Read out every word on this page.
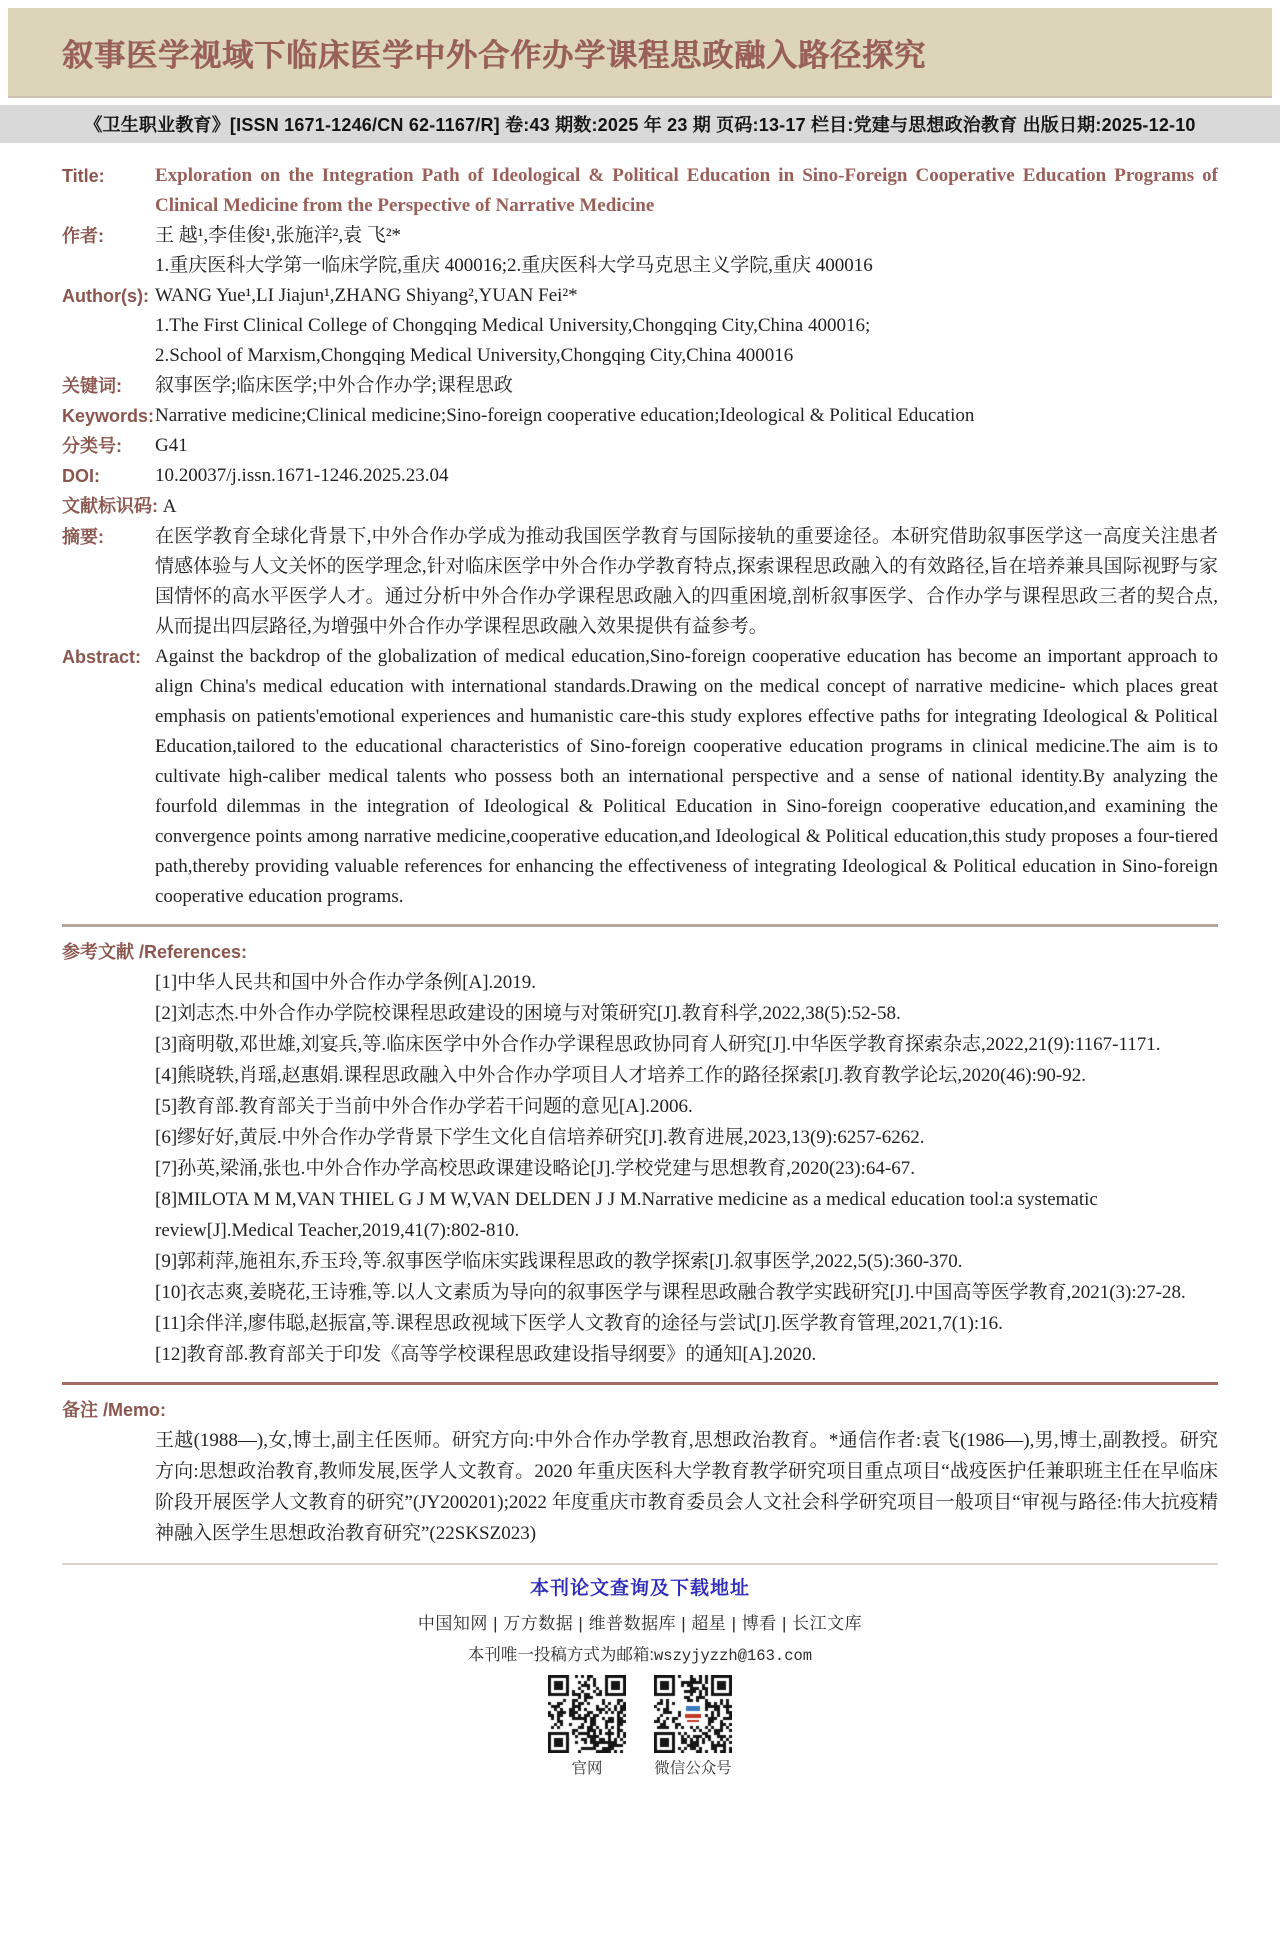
叙事医学视域下临床医学中外合作办学课程思政融入路径探究
《卫生职业教育》[ISSN 1671-1246/CN 62-1167/R] 卷:43 期数:2025 年 23 期 页码:13-17 栏目:党建与思想政治教育 出版日期:2025-12-10
Title:	Exploration on the Integration Path of Ideological & Political Education in Sino-Foreign Cooperative Education Programs of Clinical Medicine from the Perspective of Narrative Medicine
作者:	王 越¹,李佳俊¹,张施洋²,袁 飞²*
1.重庆医科大学第一临床学院,重庆 400016;2.重庆医科大学马克思主义学院,重庆 400016
Author(s): WANG Yue¹,LI Jiajun¹,ZHANG Shiyang²,YUAN Fei²*
1.The First Clinical College of Chongqing Medical University,Chongqing City,China 400016;
2.School of Marxism,Chongqing Medical University,Chongqing City,China 400016
关键词: 叙事医学;临床医学;中外合作办学;课程思政
Keywords: Narrative medicine;Clinical medicine;Sino-foreign cooperative education;Ideological & Political Education
分类号: G41
DOI:	10.20037/j.issn.1671-1246.2025.23.04
文献标识码: A
摘要:	在医学教育全球化背景下,中外合作办学成为推动我国医学教育与国际接轨的重要途径。本研究借助叙事医学这一高度关注患者情感体验与人文关怀的医学理念,针对临床医学中外合作办学教育特点,探索课程思政融入的有效路径,旨在培养兼具国际视野与家国情怀的高水平医学人才。通过分析中外合作办学课程思政融入的四重困境,剖析叙事医学、合作办学与课程思政三者的契合点,从而提出四层路径,为增强中外合作办学课程思政融入效果提供有益参考。
Abstract: Against the backdrop of the globalization of medical education,Sino-foreign cooperative education has become an important approach to align China's medical education with international standards.Drawing on the medical concept of narrative medicine- which places great emphasis on patients'emotional experiences and humanistic care-this study explores effective paths for integrating Ideological & Political Education,tailored to the educational characteristics of Sino-foreign cooperative education programs in clinical medicine.The aim is to cultivate high-caliber medical talents who possess both an international perspective and a sense of national identity.By analyzing the fourfold dilemmas in the integration of Ideological & Political Education in Sino-foreign cooperative education,and examining the convergence points among narrative medicine,cooperative education,and Ideological & Political education,this study proposes a four-tiered path,thereby providing valuable references for enhancing the effectiveness of integrating Ideological & Political education in Sino-foreign cooperative education programs.
参考文献 /References:
[1]中华人民共和国中外合作办学条例[A].2019.
[2]刘志杰.中外合作办学院校课程思政建设的困境与对策研究[J].教育科学,2022,38(5):52-58.
[3]商明敬,邓世雄,刘宴兵,等.临床医学中外合作办学课程思政协同育人研究[J].中华医学教育探索杂志,2022,21(9):1167-1171.
[4]熊晓轶,肖瑶,赵惠娟.课程思政融入中外合作办学项目人才培养工作的路径探索[J].教育教学论坛,2020(46):90-92.
[5]教育部.教育部关于当前中外合作办学若干问题的意见[A].2006.
[6]缪好好,黄辰.中外合作办学背景下学生文化自信培养研究[J].教育进展,2023,13(9):6257-6262.
[7]孙英,梁涌,张也.中外合作办学高校思政课建设略论[J].学校党建与思想教育,2020(23):64-67.
[8]MILOTA M M,VAN THIEL G J M W,VAN DELDEN J J M.Narrative medicine as a medical education tool:a systematic review[J].Medical Teacher,2019,41(7):802-810.
[9]郭莉萍,施祖东,乔玉玲,等.叙事医学临床实践课程思政的教学探索[J].叙事医学,2022,5(5):360-370.
[10]衣志爽,姜晓花,王诗雅,等.以人文素质为导向的叙事医学与课程思政融合教学实践研究[J].中国高等医学教育,2021(3):27-28.
[11]余伴洋,廖伟聪,赵振富,等.课程思政视域下医学人文教育的途径与尝试[J].医学教育管理,2021,7(1):16.
[12]教育部.教育部关于印发《高等学校课程思政建设指导纲要》的通知[A].2020.
备注 /Memo:
王越(1988—),女,博士,副主任医师。研究方向:中外合作办学教育,思想政治教育。*通信作者:袁飞(1986—),男,博士,副教授。研究方向:思想政治教育,教师发展,医学人文教育。2020 年重庆医科大学教育教学研究项目重点项目“战疫医护任兼职班主任在早临床阶段开展医学人文教育的研究”(JY200201);2022 年度重庆市教育委员会人文社会科学研究项目一般项目“审视与路径:伟大抗疫精神融入医学生思想政治教育研究”(22SKSZ023)
本刊论文查询及下载地址
中国知网 | 万方数据 | 维普数据库 | 超星 | 博看 | 长江文库
本刊唯一投稿方式为邮箱:wszyjyzzh@163.com
官网	微信公众号
